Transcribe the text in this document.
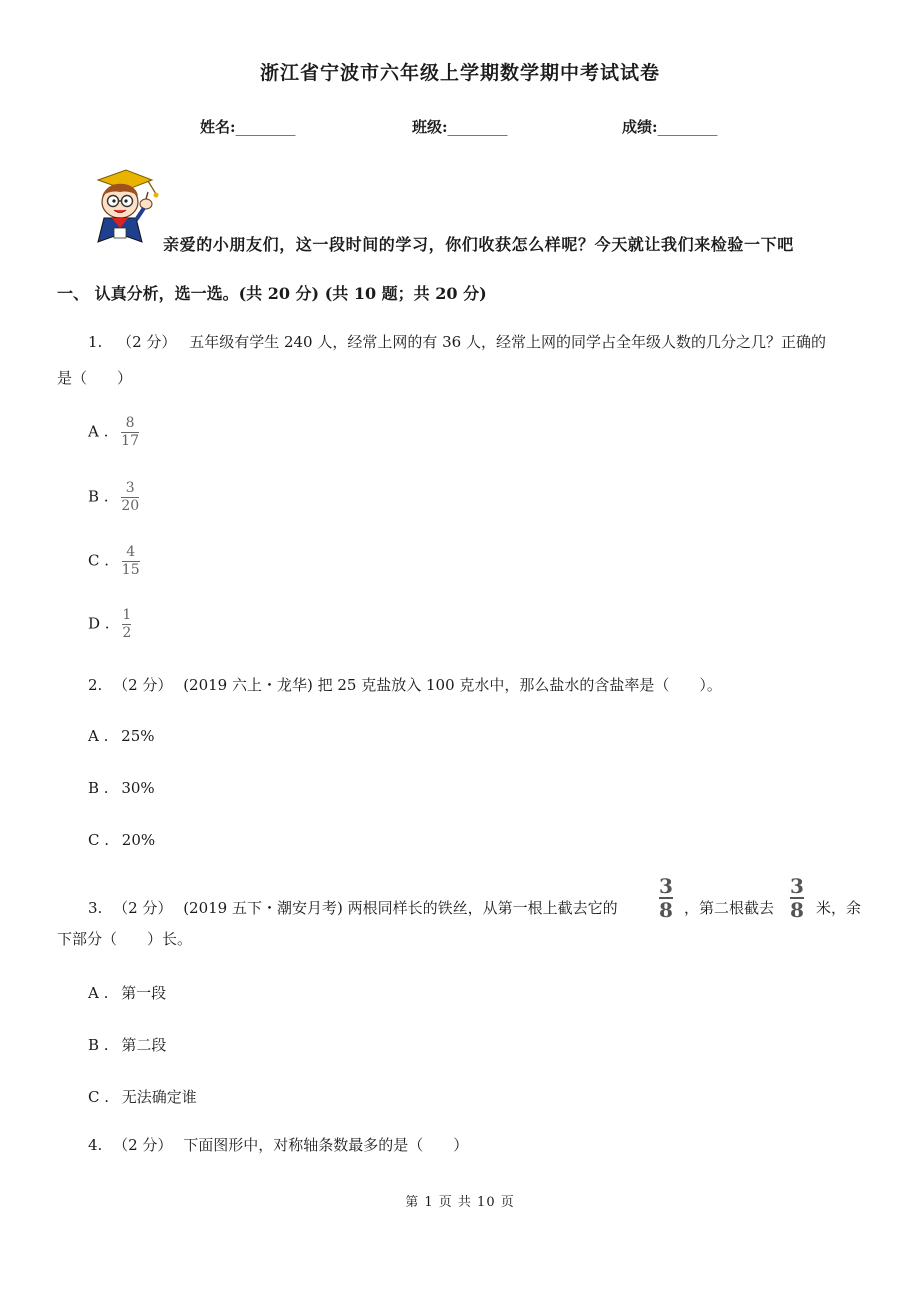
浙江省宁波市六年级上学期数学期中考试试卷
姓名:________	班级:________	成绩:________
亲爱的小朋友们，这一段时间的学习，你们收获怎么样呢？今天就让我们来检验一下吧
一、 认真分析，选一选。(共 20 分) (共 10 题；共 20 分)
1. （2 分） 五年级有学生 240 人，经常上网的有 36 人，经常上网的同学占全年级人数的几分之几？正确的
是（　　）
A . $\frac{8}{17}$
B . $\frac{3}{20}$
C . $\frac{4}{15}$
D . $\frac{1}{2}$
2. （2 分） (2019 六上・龙华) 把 25 克盐放入 100 克水中，那么盐水的含盐率是（　　）。
A . 25%
B . 30%
C . 20%
3. （2 分） (2019 五下・潮安月考) 两根同样长的铁丝，从第一根上截去它的 $\frac{3}{8}$ ，第二根截去 $\frac{3}{8}$ 米，余
下部分（　　）长。
A . 第一段
B . 第二段
C . 无法确定谁
4. （2 分） 下面图形中，对称轴条数最多的是（　　）
第 1 页 共 10 页
